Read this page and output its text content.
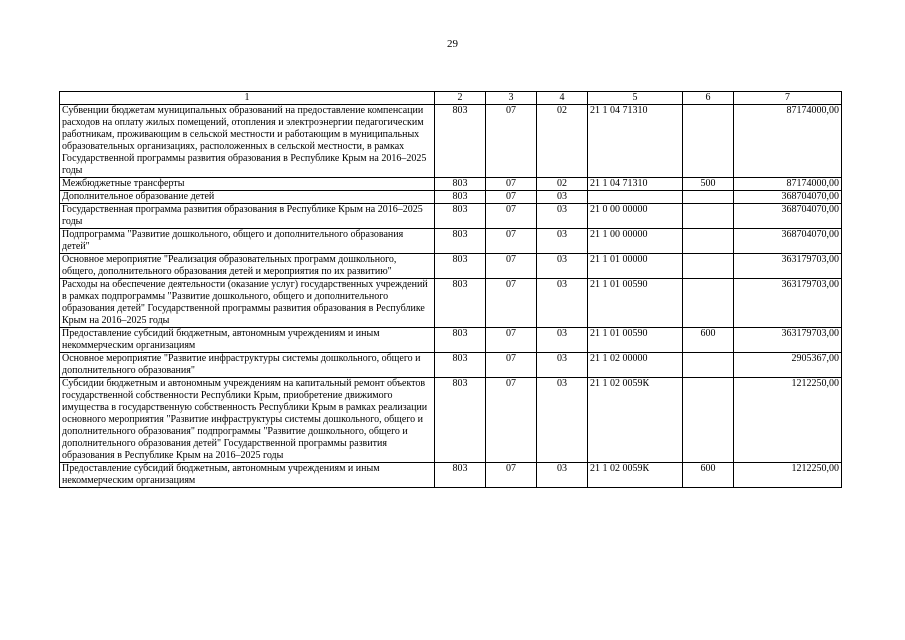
29
1	2	3	4	5	6	7
Субвенции бюджетам муниципальных образований на предоставление компенсации расходов на оплату жилых помещений, отопления и электроэнергии педагогическим работникам, проживающим в сельской местности и работающим в муниципальных образовательных организациях, расположенных в сельской местности, в рамках Государственной программы развития образования в Республике Крым на 2016–2025 годы	803	07	02	21 1 04 71310		87174000,00
Межбюджетные трансферты	803	07	02	21 1 04 71310	500	87174000,00
Дополнительное образование детей	803	07	03			368704070,00
Государственная программа развития образования в Республике Крым на 2016–2025 годы	803	07	03	21 0 00 00000		368704070,00
Подпрограмма "Развитие дошкольного, общего и дополнительного образования детей"	803	07	03	21 1 00 00000		368704070,00
Основное мероприятие "Реализация образовательных программ дошкольного, общего, дополнительного образования детей и мероприятия по их развитию"	803	07	03	21 1 01 00000		363179703,00
Расходы на обеспечение деятельности (оказание услуг) государственных учреждений в рамках подпрограммы "Развитие дошкольного, общего и дополнительного образования детей" Государственной программы развития образования в Республике Крым на 2016–2025 годы	803	07	03	21 1 01 00590		363179703,00
Предоставление субсидий бюджетным, автономным учреждениям и иным некоммерческим организациям	803	07	03	21 1 01 00590	600	363179703,00
Основное мероприятие "Развитие инфраструктуры системы дошкольного, общего и дополнительного образования"	803	07	03	21 1 02 00000		2905367,00
Субсидии бюджетным и автономным учреждениям на капитальный ремонт объектов государственной собственности Республики Крым, приобретение движимого имущества в государственную собственность Республики Крым в рамках реализации основного мероприятия "Развитие инфраструктуры системы дошкольного, общего и дополнительного образования" подпрограммы "Развитие дошкольного, общего и дополнительного образования детей" Государственной программы развития образования в Республике Крым на 2016–2025 годы	803	07	03	21 1 02 0059К		1212250,00
Предоставление субсидий бюджетным, автономным учреждениям и иным некоммерческим организациям	803	07	03	21 1 02 0059К	600	1212250,00
